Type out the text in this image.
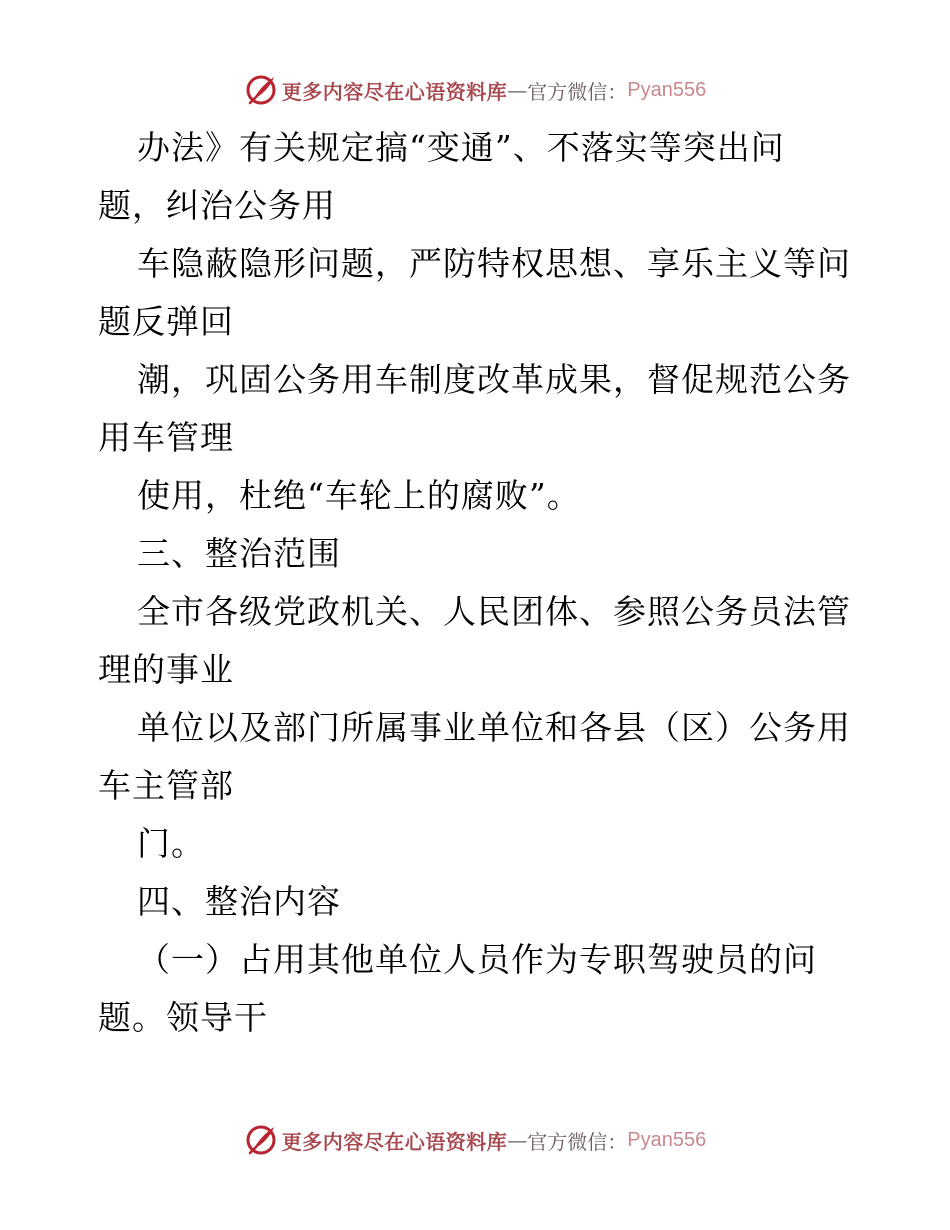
更多内容尽在心语资料库 — 官方微信： Pyan556
办法》有关规定搞“变通”、不落实等突出问
题，纠治公务用
车隐蔽隐形问题，严防特权思想、享乐主义等问
题反弹回
潮，巩固公务用车制度改革成果，督促规范公务
用车管理
使用，杜绝“车轮上的腐败”。
三、整治范围
全市各级党政机关、人民团体、参照公务员法管
理的事业
单位以及部门所属事业单位和各县（区）公务用
车主管部
门。
四、整治内容
（一）占用其他单位人员作为专职驾驶员的问
题。领导干
更多内容尽在心语资料库 — 官方微信： Pyan556
